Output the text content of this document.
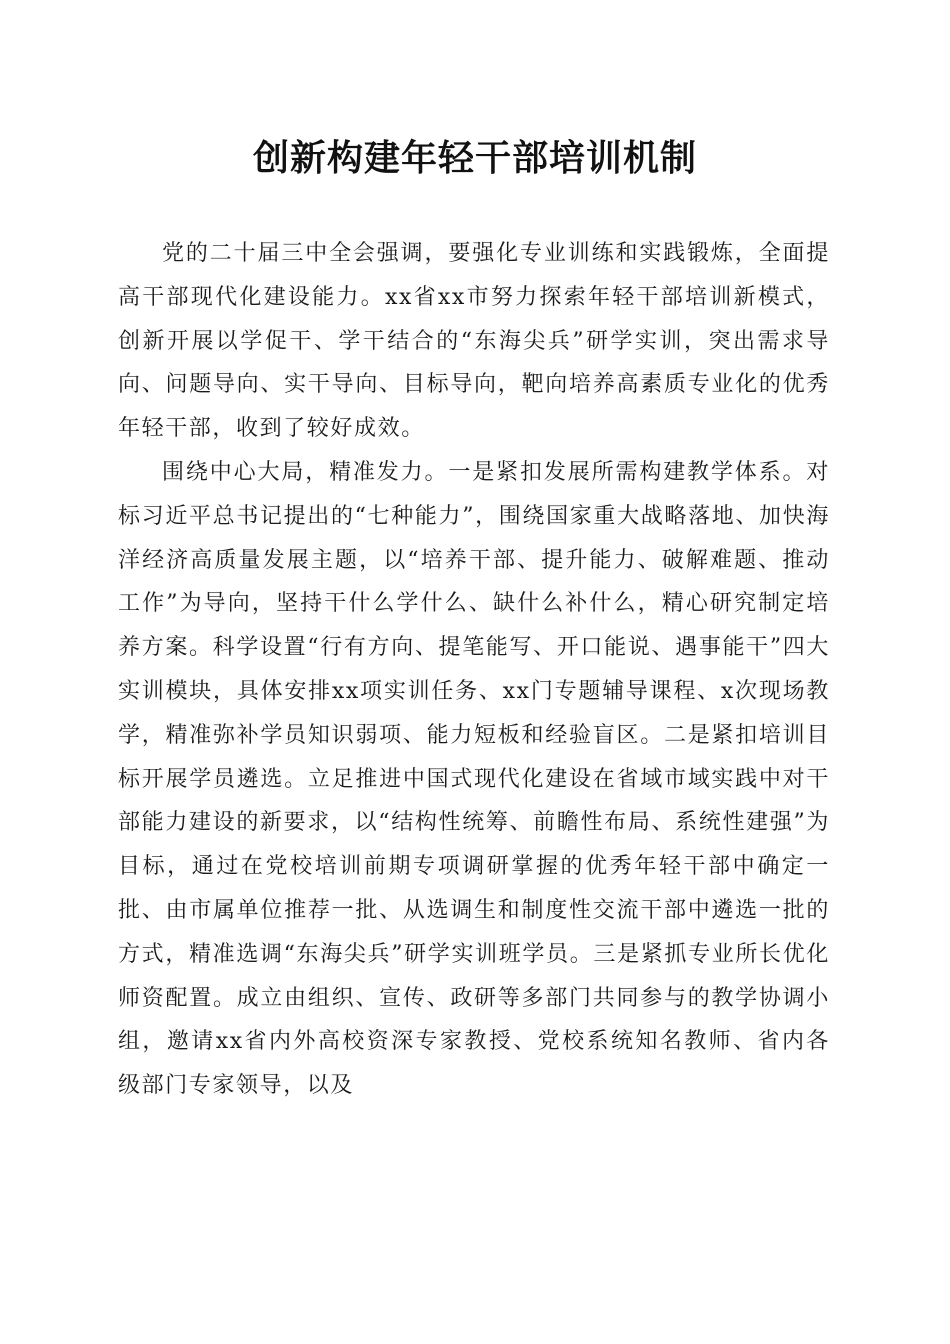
创新构建年轻干部培训机制

党的二十届三中全会强调，要强化专业训练和实践锻炼，全面提高干部现代化建设能力。xx省xx市努力探索年轻干部培训新模式，创新开展以学促干、学干结合的“东海尖兵”研学实训，突出需求导向、问题导向、实干导向、目标导向，靶向培养高素质专业化的优秀年轻干部，收到了较好成效。

围绕中心大局，精准发力。一是紧扣发展所需构建教学体系。对标习近平总书记提出的“七种能力”，围绕国家重大战略落地、加快海洋经济高质量发展主题，以“培养干部、提升能力、破解难题、推动工作”为导向，坚持干什么学什么、缺什么补什么，精心研究制定培养方案。科学设置“行有方向、提笔能写、开口能说、遇事能干”四大实训模块，具体安排xx项实训任务、xx门专题辅导课程、x次现场教学，精准弥补学员知识弱项、能力短板和经验盲区。二是紧扣培训目标开展学员遴选。立足推进中国式现代化建设在省域市域实践中对干部能力建设的新要求，以“结构性统筹、前瞻性布局、系统性建强”为目标，通过在党校培训前期专项调研掌握的优秀年轻干部中确定一批、由市属单位推荐一批、从选调生和制度性交流干部中遴选一批的方式，精准选调“东海尖兵”研学实训班学员。三是紧抓专业所长优化师资配置。成立由组织、宣传、政研等多部门共同参与的教学协调小组，邀请xx省内外高校资深专家教授、党校系统知名教师、省内各级部门专家领导，以及
